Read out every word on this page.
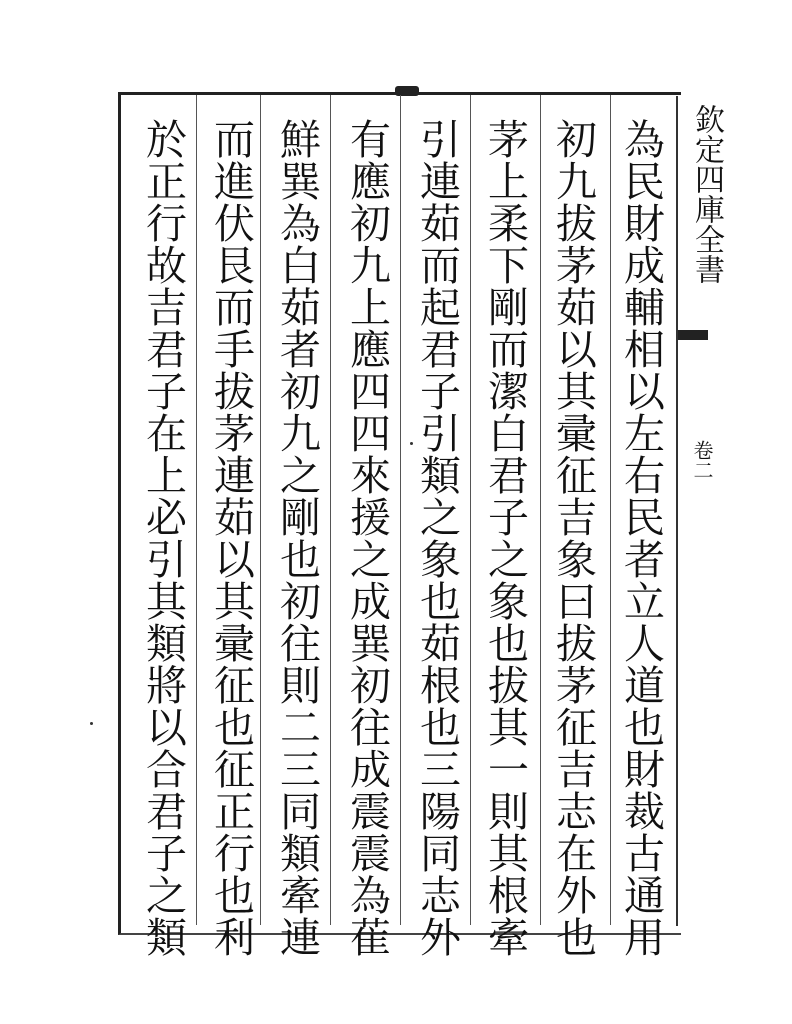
為民財成輔相以左右民者立人道也財裁古通用
初九拔茅茹以其彚征吉象曰拔茅征吉志在外也
茅上柔下剛而潔白君子之象也拔其一則其根牽
引連茹而起君子引類之象也茹根也三陽同志外
有應初九上應四四來援之成巽初往成震震為萑
鮮巽為白茹者初九之剛也初往則二三同類牽連
而進伏艮而手拔茅連茹以其彚征也征正行也利
於正行故吉君子在上必引其類將以合君子之類	欽定四庫全書
卷二
